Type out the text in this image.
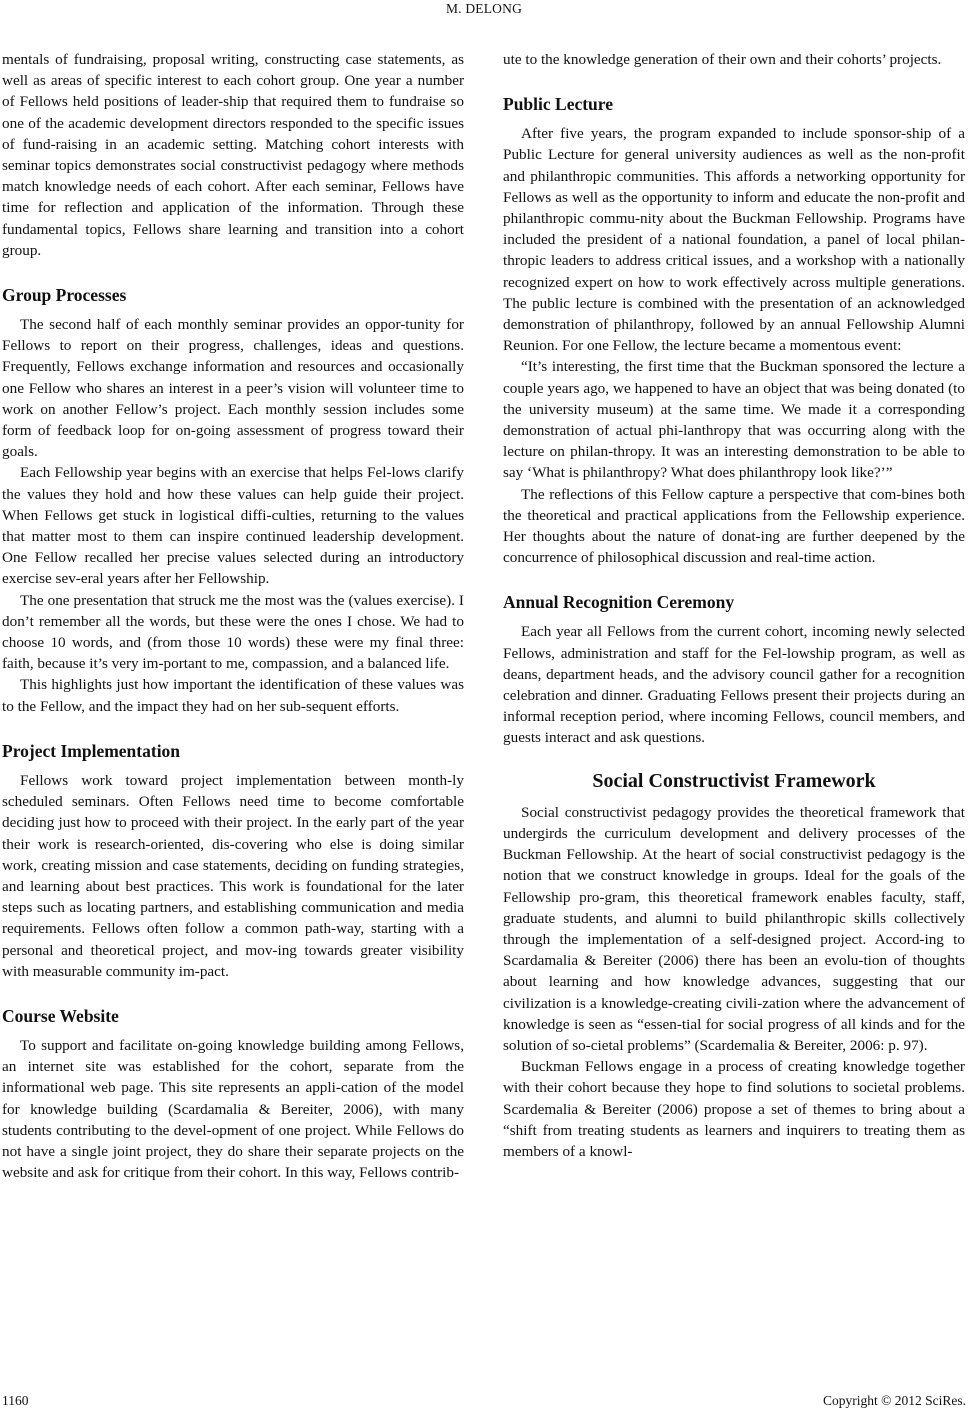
M. DELONG

mentals of fundraising, proposal writing, constructing case statements, as well as areas of specific interest to each cohort group. One year a number of Fellows held positions of leader-ship that required them to fundraise so one of the academic development directors responded to the specific issues of fund-raising in an academic setting. Matching cohort interests with seminar topics demonstrates social constructivist pedagogy where methods match knowledge needs of each cohort. After each seminar, Fellows have time for reflection and application of the information. Through these fundamental topics, Fellows share learning and transition into a cohort group.

Group Processes

The second half of each monthly seminar provides an oppor-tunity for Fellows to report on their progress, challenges, ideas and questions. Frequently, Fellows exchange information and resources and occasionally one Fellow who shares an interest in a peer’s vision will volunteer time to work on another Fellow’s project. Each monthly session includes some form of feedback loop for on-going assessment of progress toward their goals.

Each Fellowship year begins with an exercise that helps Fel-lows clarify the values they hold and how these values can help guide their project. When Fellows get stuck in logistical diffi-culties, returning to the values that matter most to them can inspire continued leadership development. One Fellow recalled her precise values selected during an introductory exercise sev-eral years after her Fellowship.

The one presentation that struck me the most was the (values exercise). I don’t remember all the words, but these were the ones I chose. We had to choose 10 words, and (from those 10 words) these were my final three: faith, because it’s very im-portant to me, compassion, and a balanced life.

This highlights just how important the identification of these values was to the Fellow, and the impact they had on her sub-sequent efforts.

Project Implementation

Fellows work toward project implementation between month-ly scheduled seminars. Often Fellows need time to become comfortable deciding just how to proceed with their project. In the early part of the year their work is research-oriented, dis-covering who else is doing similar work, creating mission and case statements, deciding on funding strategies, and learning about best practices. This work is foundational for the later steps such as locating partners, and establishing communication and media requirements. Fellows often follow a common path-way, starting with a personal and theoretical project, and mov-ing towards greater visibility with measurable community im-pact.

Course Website

To support and facilitate on-going knowledge building among Fellows, an internet site was established for the cohort, separate from the informational web page. This site represents an appli-cation of the model for knowledge building (Scardamalia & Bereiter, 2006), with many students contributing to the devel-opment of one project. While Fellows do not have a single joint project, they do share their separate projects on the website and ask for critique from their cohort. In this way, Fellows contrib-

ute to the knowledge generation of their own and their cohorts’ projects.

Public Lecture

After five years, the program expanded to include sponsor-ship of a Public Lecture for general university audiences as well as the non-profit and philanthropic communities. This affords a networking opportunity for Fellows as well as the opportunity to inform and educate the non-profit and philanthropic commu-nity about the Buckman Fellowship. Programs have included the president of a national foundation, a panel of local philan-thropic leaders to address critical issues, and a workshop with a nationally recognized expert on how to work effectively across multiple generations. The public lecture is combined with the presentation of an acknowledged demonstration of philanthropy, followed by an annual Fellowship Alumni Reunion. For one Fellow, the lecture became a momentous event:

“It’s interesting, the first time that the Buckman sponsored the lecture a couple years ago, we happened to have an object that was being donated (to the university museum) at the same time. We made it a corresponding demonstration of actual phi-lanthropy that was occurring along with the lecture on philan-thropy. It was an interesting demonstration to be able to say ‘What is philanthropy? What does philanthropy look like?’”

The reflections of this Fellow capture a perspective that com-bines both the theoretical and practical applications from the Fellowship experience. Her thoughts about the nature of donat-ing are further deepened by the concurrence of philosophical discussion and real-time action.

Annual Recognition Ceremony

Each year all Fellows from the current cohort, incoming newly selected Fellows, administration and staff for the Fel-lowship program, as well as deans, department heads, and the advisory council gather for a recognition celebration and dinner. Graduating Fellows present their projects during an informal reception period, where incoming Fellows, council members, and guests interact and ask questions.

Social Constructivist Framework

Social constructivist pedagogy provides the theoretical framework that undergirds the curriculum development and delivery processes of the Buckman Fellowship. At the heart of social constructivist pedagogy is the notion that we construct knowledge in groups. Ideal for the goals of the Fellowship pro-gram, this theoretical framework enables faculty, staff, graduate students, and alumni to build philanthropic skills collectively through the implementation of a self-designed project. Accord-ing to Scardamalia & Bereiter (2006) there has been an evolu-tion of thoughts about learning and how knowledge advances, suggesting that our civilization is a knowledge-creating civili-zation where the advancement of knowledge is seen as “essen-tial for social progress of all kinds and for the solution of so-cietal problems” (Scardemalia & Bereiter, 2006: p. 97).

Buckman Fellows engage in a process of creating knowledge together with their cohort because they hope to find solutions to societal problems. Scardemalia & Bereiter (2006) propose a set of themes to bring about a “shift from treating students as learners and inquirers to treating them as members of a knowl-

1160	Copyright © 2012 SciRes.
